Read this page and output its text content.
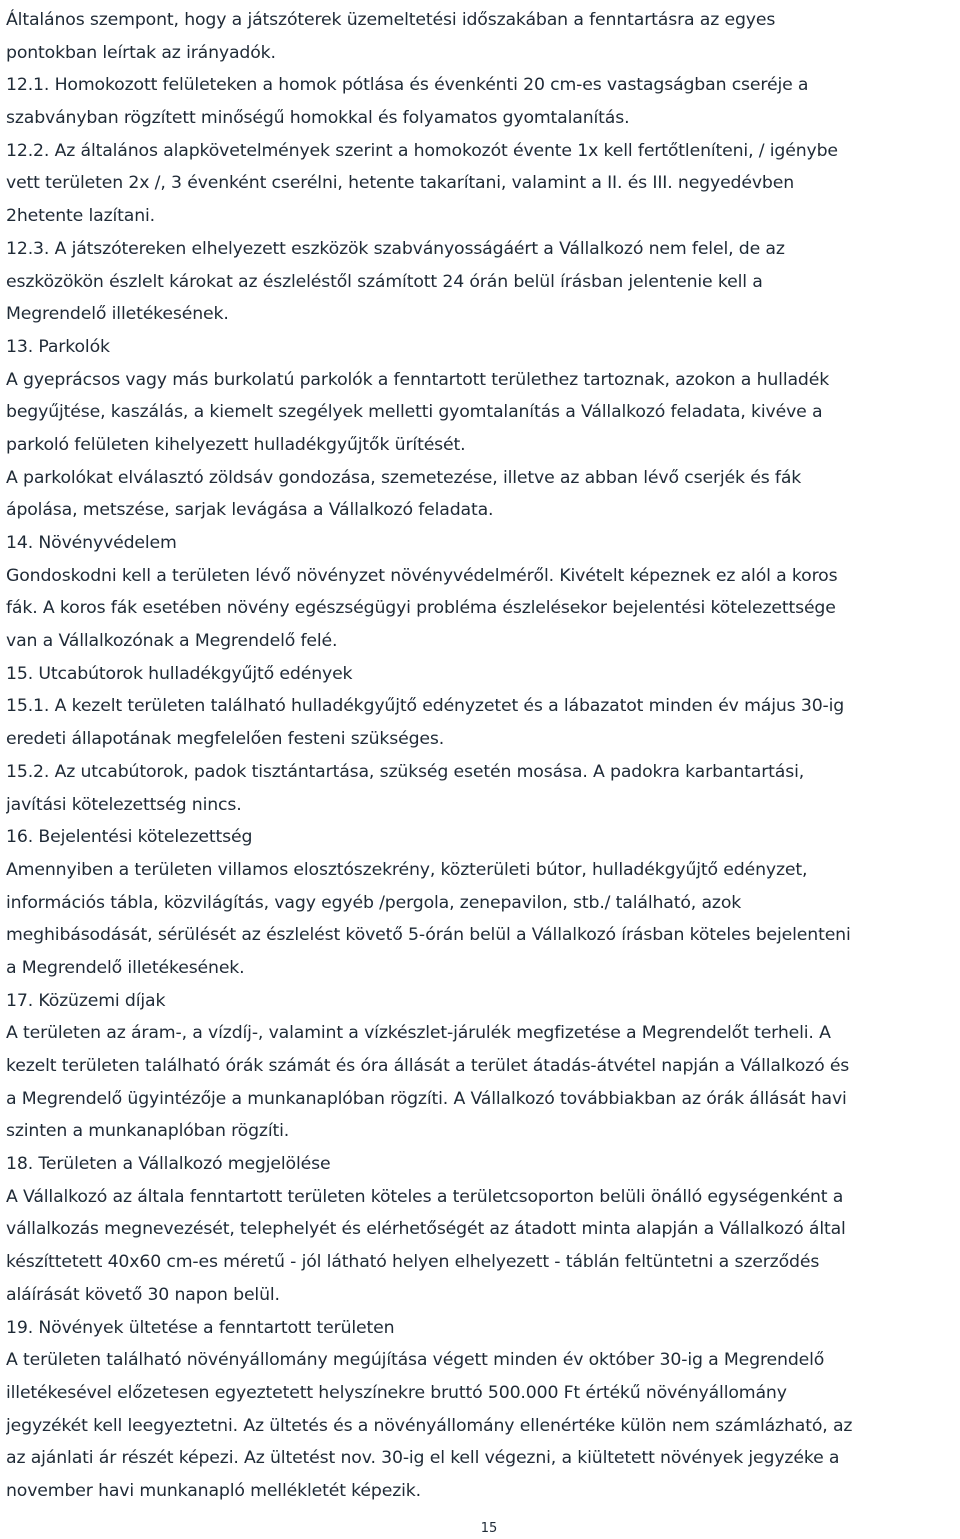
Általános szempont, hogy a játszóterek üzemeltetési időszakában a fenntartásra az egyes
pontokban leírtak az irányadók.
12.1. Homokozott felületeken a homok pótlása és évenkénti 20 cm-es vastagságban cseréje a
szabványban rögzített minőségű homokkal és folyamatos gyomtalanítás.
12.2. Az általános alapkövetelmények szerint a homokozót évente 1x kell fertőtleníteni, / igénybe
vett területen 2x /, 3 évenként cserélni, hetente takarítani, valamint a II. és III. negyedévben
2hetente lazítani.
12.3. A játszótereken elhelyezett eszközök szabványosságáért a Vállalkozó nem felel, de az
eszközökön észlelt károkat az észleléstől számított 24 órán belül írásban jelentenie kell a
Megrendelő illetékesének.
13. Parkolók
A gyeprácsos vagy más burkolatú parkolók a fenntartott területhez tartoznak, azokon a hulladék
begyűjtése, kaszálás, a kiemelt szegélyek melletti gyomtalanítás a Vállalkozó feladata, kivéve a
parkoló felületen kihelyezett hulladékgyűjtők ürítését.
A parkolókat elválasztó zöldsáv gondozása, szemetezése, illetve az abban lévő cserjék és fák
ápolása, metszése, sarjak levágása a Vállalkozó feladata.
14. Növényvédelem
Gondoskodni kell a területen lévő növényzet növényvédelméről. Kivételt képeznek ez alól a koros
fák. A koros fák esetében növény egészségügyi probléma észlelésekor bejelentési kötelezettsége
van a Vállalkozónak a Megrendelő felé.
15. Utcabútorok hulladékgyűjtő edények
15.1. A kezelt területen található hulladékgyűjtő edényzetet és a lábazatot minden év május 30-ig
eredeti állapotának megfelelően festeni szükséges.
15.2. Az utcabútorok, padok tisztántartása, szükség esetén mosása. A padokra karbantartási,
javítási kötelezettség nincs.
16. Bejelentési kötelezettség
Amennyiben a területen villamos elosztószekrény, közterületi bútor, hulladékgyűjtő edényzet,
információs tábla, közvilágítás, vagy egyéb /pergola, zenepavilon, stb./ található, azok
meghibásodását, sérülését az észlelést követő 5-órán belül a Vállalkozó írásban köteles bejelenteni
a Megrendelő illetékesének.
17. Közüzemi díjak
A területen az áram-, a vízdíj-, valamint a vízkészlet-járulék megfizetése a Megrendelőt terheli. A
kezelt területen található órák számát és óra állását a terület átadás-átvétel napján a Vállalkozó és
a Megrendelő ügyintézője a munkanaplóban rögzíti. A Vállalkozó továbbiakban az órák állását havi
szinten a munkanaplóban rögzíti.
18. Területen a Vállalkozó megjelölése
A Vállalkozó az általa fenntartott területen köteles a területcsoporton belüli önálló egységenként a
vállalkozás megnevezését, telephelyét és elérhetőségét az átadott minta alapján a Vállalkozó által
készíttetett 40x60 cm-es méretű - jól látható helyen elhelyezett - táblán feltüntetni a szerződés
aláírását követő 30 napon belül.
19. Növények ültetése a fenntartott területen
A területen található növényállomány megújítása végett minden év október 30-ig a Megrendelő
illetékesével előzetesen egyeztetett helyszínekre bruttó 500.000 Ft értékű növényállomány
jegyzékét kell leegyeztetni. Az ültetés és a növényállomány ellenértéke külön nem számlázható, az
az ajánlati ár részét képezi. Az ültetést nov. 30-ig el kell végezni, a kiültetett növények jegyzéke a
november havi munkanapló mellékletét képezik.
15
